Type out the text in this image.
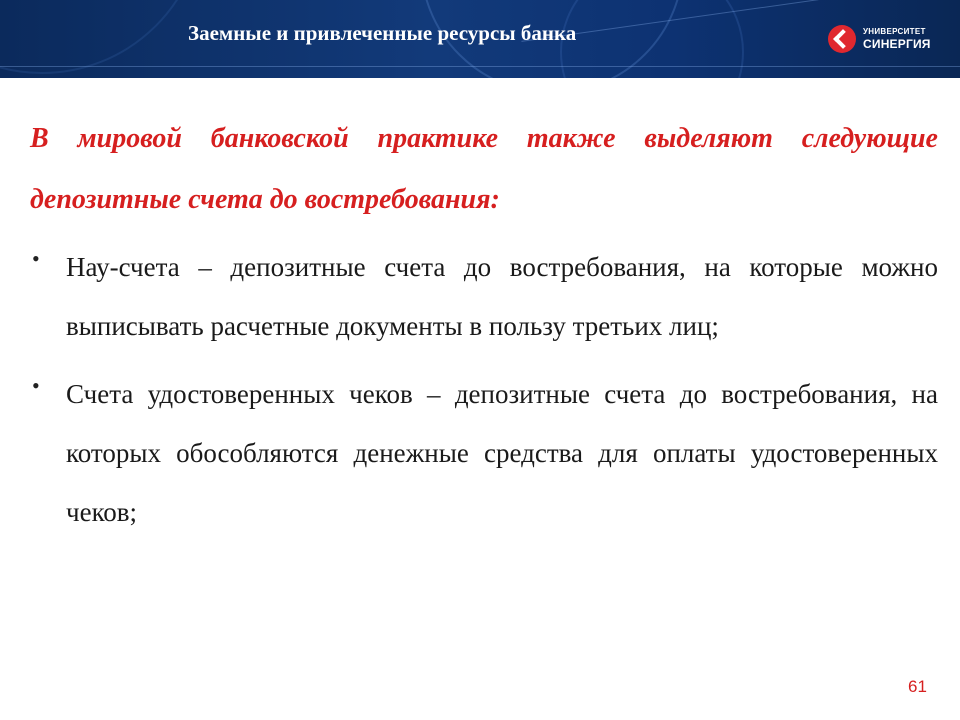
Заемные и привлеченные ресурсы банка	УНИВЕРСИТЕТ
СИНЕРГИЯ

В мировой банковской практике также выделяют следующие депозитные счета до востребования:

• Нау-счета – депозитные счета до востребования, на которые можно выписывать расчетные документы в пользу третьих лиц;
• Счета удостоверенных чеков – депозитные счета до востребования, на которых обособляются денежные средства для оплаты удостоверенных чеков;
61
